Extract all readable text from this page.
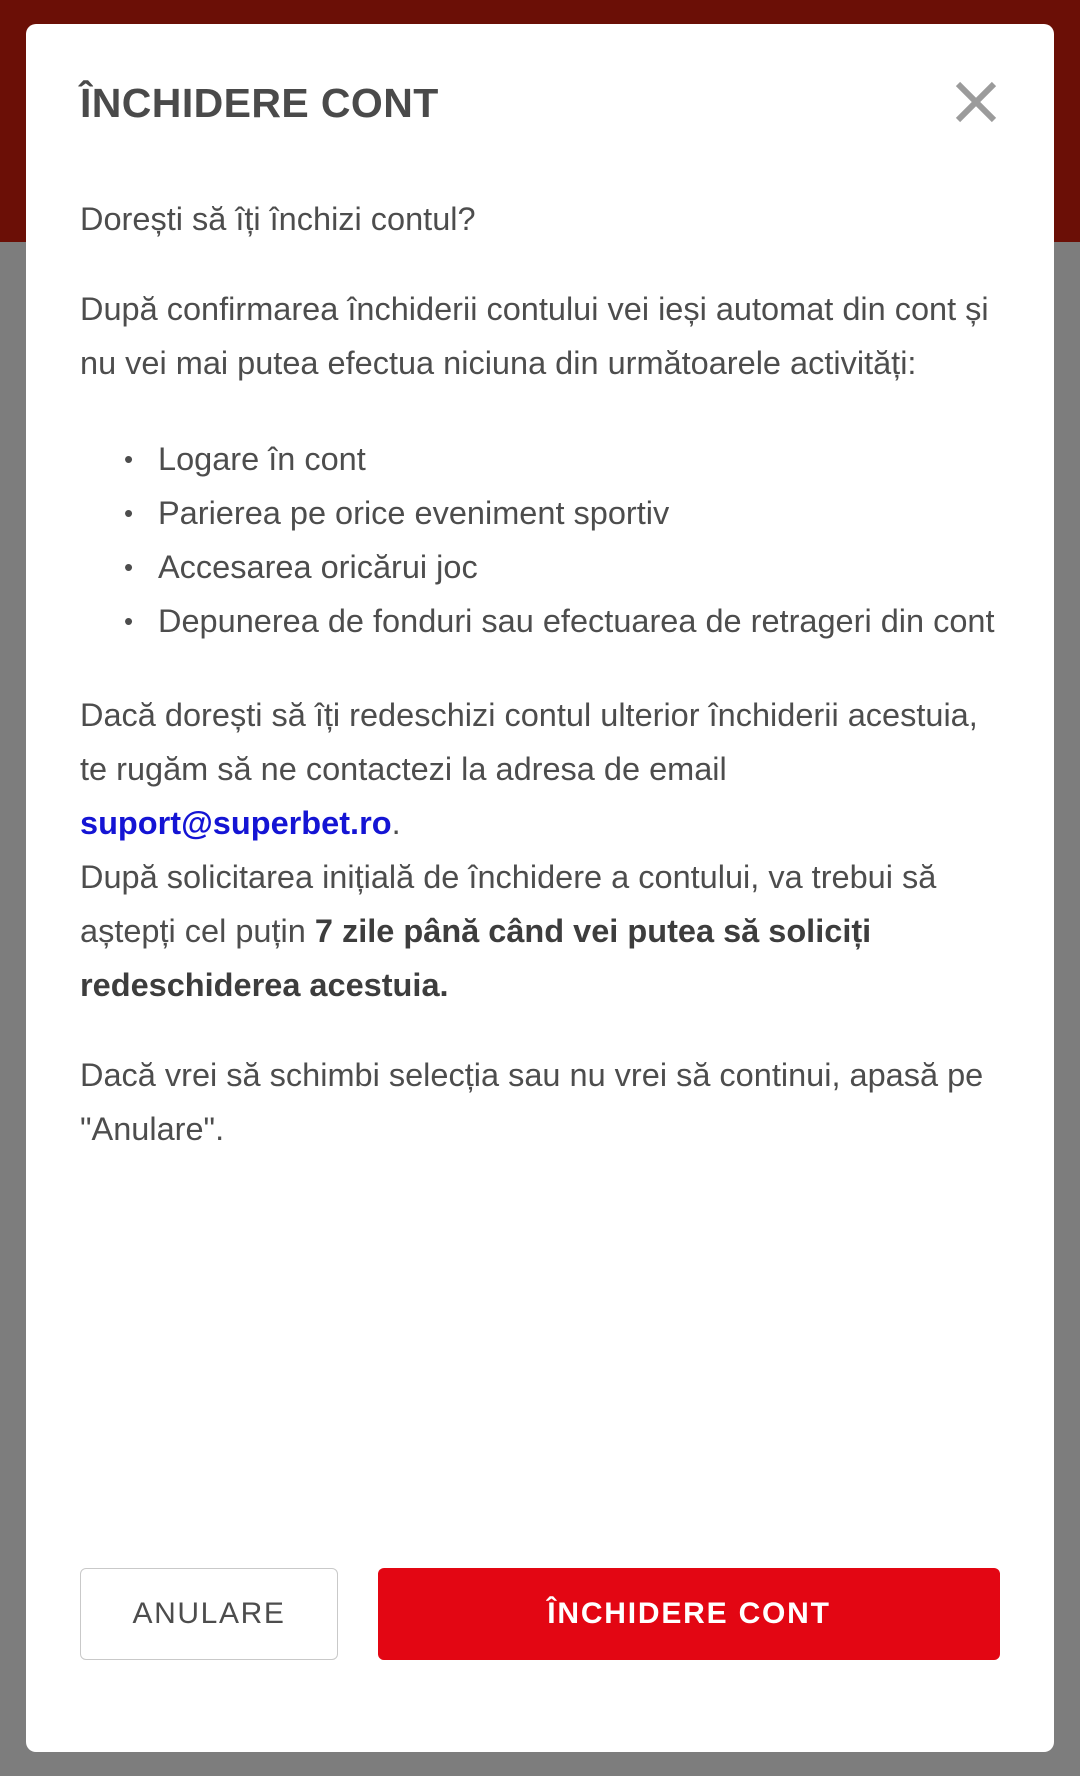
ÎNCHIDERE CONT

Dorești să îți închizi contul?

După confirmarea închiderii contului vei ieși automat din cont și nu vei mai putea efectua niciuna din următoarele activități:

• Logare în cont
• Parierea pe orice eveniment sportiv
• Accesarea oricărui joc
• Depunerea de fonduri sau efectuarea de retrageri din cont

Dacă dorești să îți redeschizi contul ulterior închiderii acestuia, te rugăm să ne contactezi la adresa de email suport@superbet.ro.

După solicitarea inițială de închidere a contului, va trebui să aștepți cel puțin 7 zile până când vei putea să soliciți redeschiderea acestuia.

Dacă vrei să schimbi selecția sau nu vrei să continui, apasă pe "Anulare".

ANULARE	ÎNCHIDERE CONT
